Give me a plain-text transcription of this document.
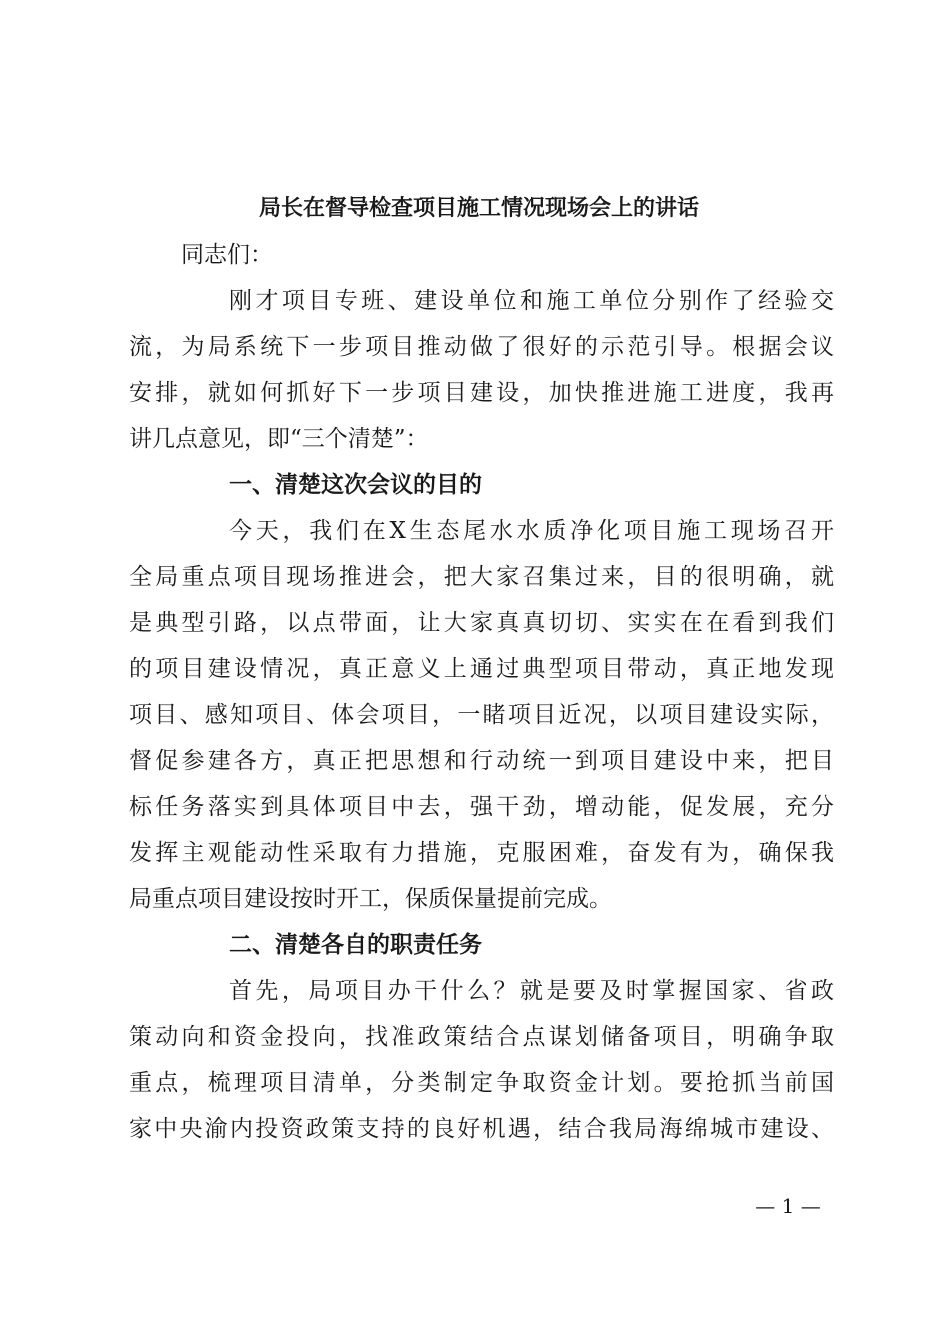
局长在督导检查项目施工情况现场会上的讲话
同志们：
刚才项目专班、建设单位和施工单位分别作了经验交
流，为局系统下一步项目推动做了很好的示范引导。根据会议
安排，就如何抓好下一步项目建设，加快推进施工进度，我再
讲几点意见，即“三个清楚”：
一、清楚这次会议的目的
今天，我们在X生态尾水水质净化项目施工现场召开
全局重点项目现场推进会，把大家召集过来，目的很明确，就
是典型引路，以点带面，让大家真真切切、实实在在看到我们
的项目建设情况，真正意义上通过典型项目带动，真正地发现
项目、感知项目、体会项目，一睹项目近况，以项目建设实际，
督促参建各方，真正把思想和行动统一到项目建设中来，把目
标任务落实到具体项目中去，强干劲，增动能，促发展，充分
发挥主观能动性采取有力措施，克服困难，奋发有为，确保我
局重点项目建设按时开工，保质保量提前完成。
二、清楚各自的职责任务
首先，局项目办干什么？就是要及时掌握国家、省政
策动向和资金投向，找准政策结合点谋划储备项目，明确争取
重点，梳理项目清单，分类制定争取资金计划。要抢抓当前国
家中央渝内投资政策支持的良好机遇，结合我局海绵城市建设、
— 1 —
